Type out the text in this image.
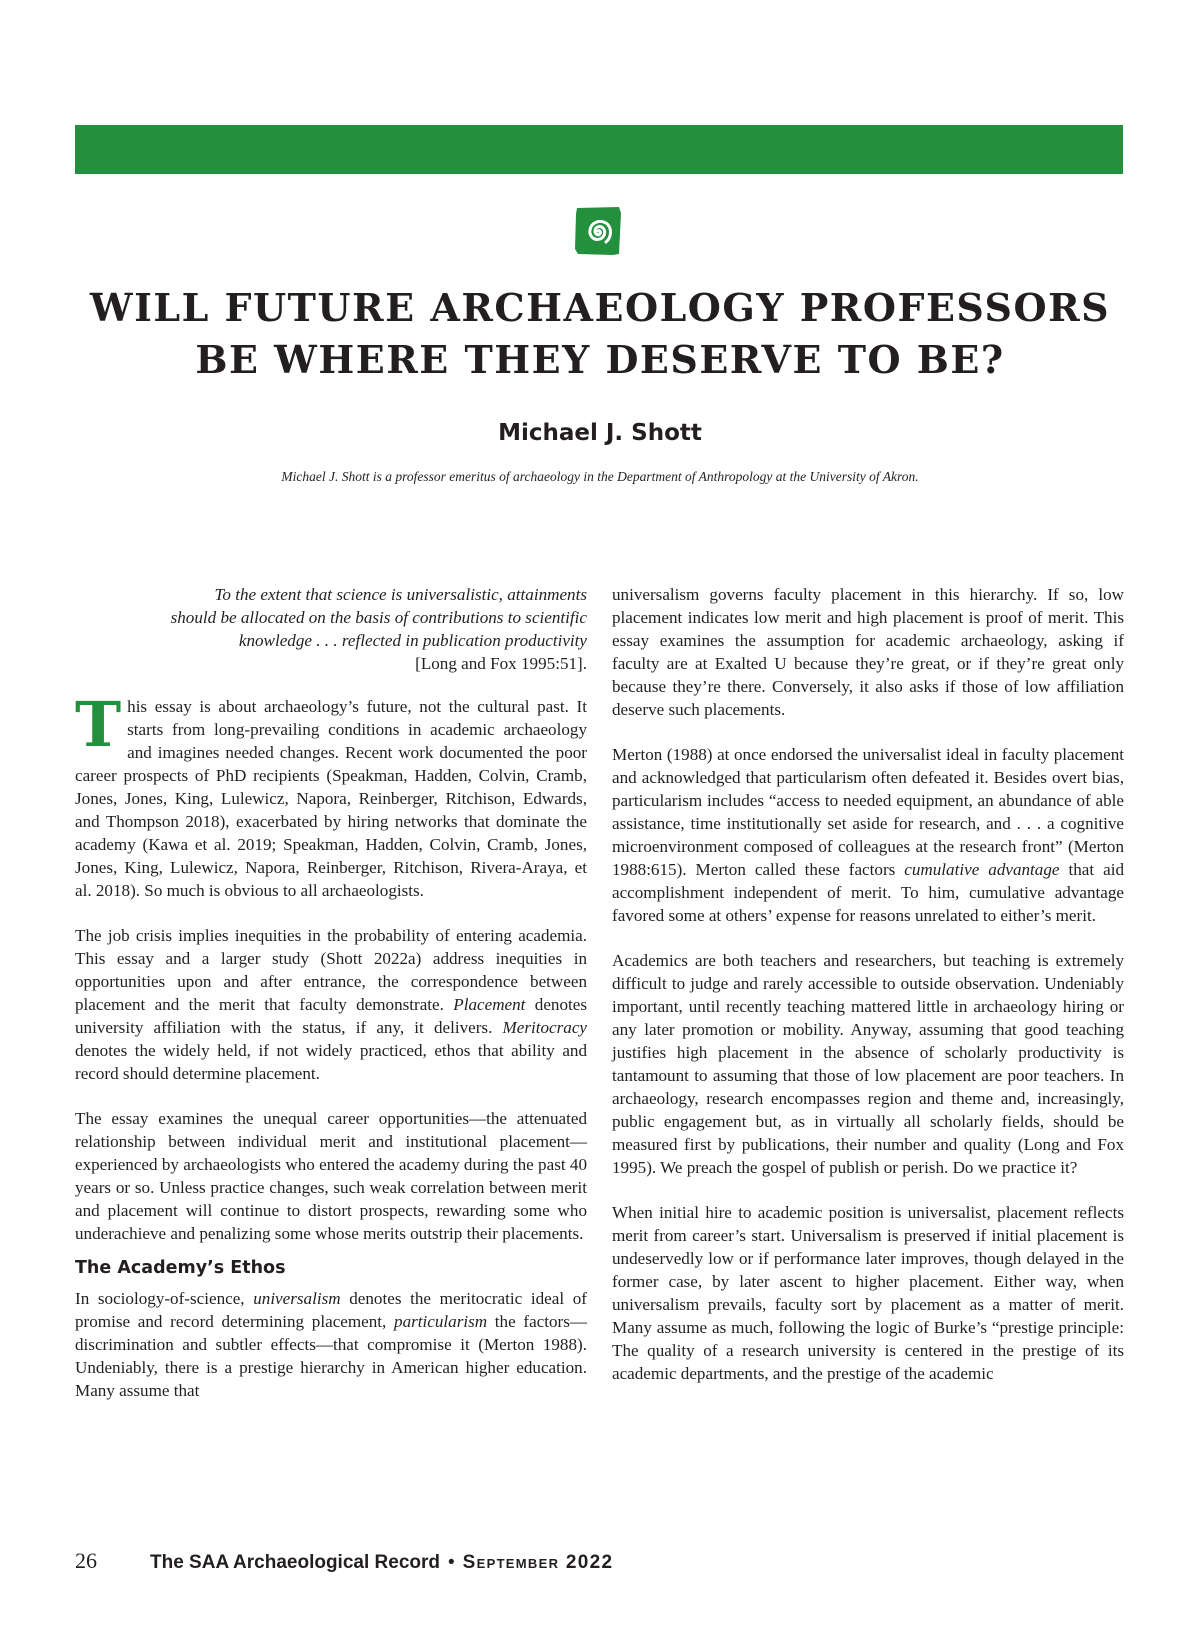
WILL FUTURE ARCHAEOLOGY PROFESSORS
BE WHERE THEY DESERVE TO BE?
Michael J. Shott
Michael J. Shott is a professor emeritus of archaeology in the Department of Anthropology at the University of Akron.
To the extent that science is universalistic, attainments
should be allocated on the basis of contributions to scientific
knowledge . . . reflected in publication productivity
[Long and Fox 1995:51].

This essay is about archaeology’s future, not the cultural past. It starts from long-prevailing conditions in academic archaeology and imagines needed changes. Recent work documented the poor career prospects of PhD recipients (Speakman, Hadden, Colvin, Cramb, Jones, Jones, King, Lulewicz, Napora, Reinberger, Ritchison, Edwards, and Thompson 2018), exacerbated by hiring networks that dominate the academy (Kawa et al. 2019; Speakman, Hadden, Colvin, Cramb, Jones, Jones, King, Lulewicz, Napora, Reinberger, Ritchison, Rivera-Araya, et al. 2018). So much is obvious to all archaeologists.

The job crisis implies inequities in the probability of entering academia. This essay and a larger study (Shott 2022a) address inequities in opportunities upon and after entrance, the correspondence between placement and the merit that faculty demonstrate. Placement denotes university affiliation with the status, if any, it delivers. Meritocracy denotes the widely held, if not widely practiced, ethos that ability and record should determine placement.

The essay examines the unequal career opportunities—the attenuated relationship between individual merit and institutional placement—experienced by archaeologists who entered the academy during the past 40 years or so. Unless practice changes, such weak correlation between merit and placement will continue to distort prospects, rewarding some who underachieve and penalizing some whose merits outstrip their placements.

The Academy’s Ethos

In sociology-of-science, universalism denotes the meritocratic ideal of promise and record determining placement, particularism the factors—discrimination and subtler effects—that compromise it (Merton 1988). Undeniably, there is a prestige hierarchy in American higher education. Many assume that

universalism governs faculty placement in this hierarchy. If so, low placement indicates low merit and high placement is proof of merit. This essay examines the assumption for academic archaeology, asking if faculty are at Exalted U because they’re great, or if they’re great only because they’re there. Conversely, it also asks if those of low affiliation deserve such placements.

Merton (1988) at once endorsed the universalist ideal in faculty placement and acknowledged that particularism often defeated it. Besides overt bias, particularism includes “access to needed equipment, an abundance of able assistance, time institutionally set aside for research, and . . . a cognitive microenvironment composed of colleagues at the research front” (Merton 1988:615). Merton called these factors cumulative advantage that aid accomplishment independent of merit. To him, cumulative advantage favored some at others’ expense for reasons unrelated to either’s merit.

Academics are both teachers and researchers, but teaching is extremely difficult to judge and rarely accessible to outside observation. Undeniably important, until recently teaching mattered little in archaeology hiring or any later promotion or mobility. Anyway, assuming that good teaching justifies high placement in the absence of scholarly productivity is tantamount to assuming that those of low placement are poor teachers. In archaeology, research encompasses region and theme and, increasingly, public engagement but, as in virtually all scholarly fields, should be measured first by publications, their number and quality (Long and Fox 1995). We preach the gospel of publish or perish. Do we practice it?

When initial hire to academic position is universalist, placement reflects merit from career’s start. Universalism is preserved if initial placement is undeservedly low or if performance later improves, though delayed in the former case, by later ascent to higher placement. Either way, when universalism prevails, faculty sort by placement as a matter of merit. Many assume as much, following the logic of Burke’s “prestige principle: The quality of a research university is centered in the prestige of its academic departments, and the prestige of the academic

26	The SAA Archaeological Record • September 2022
